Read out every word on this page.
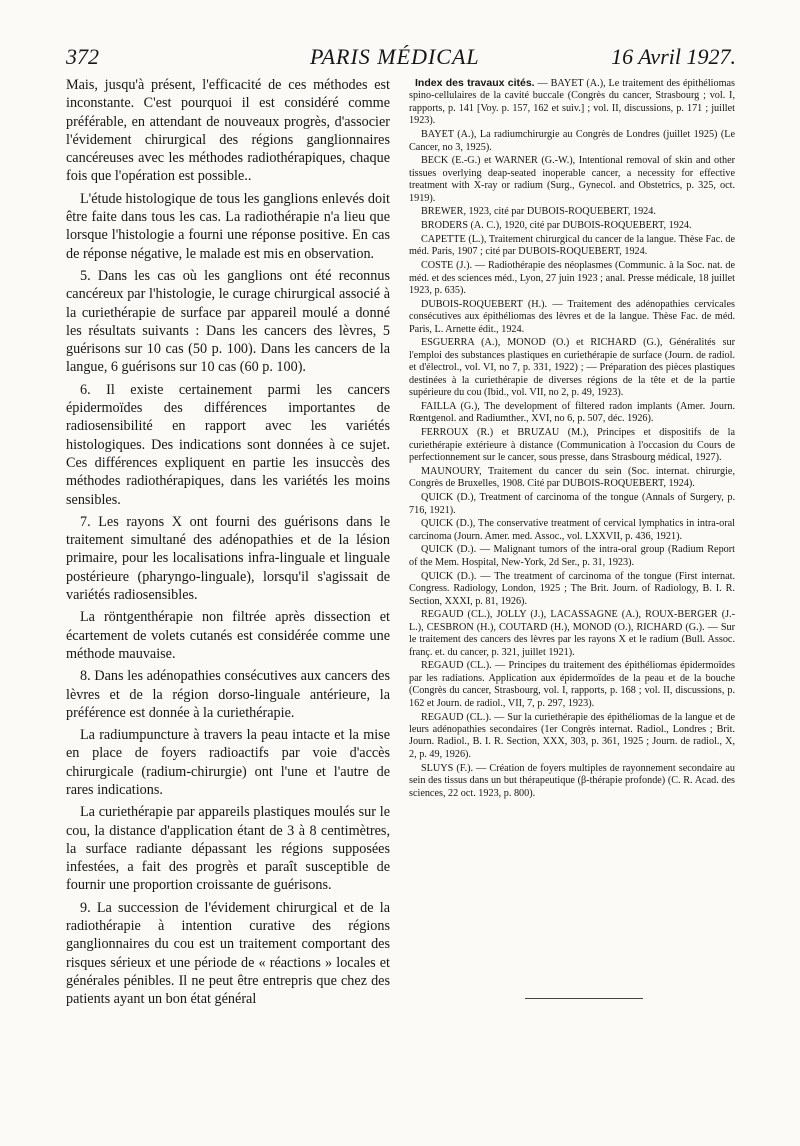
372	PARIS MÉDICAL	16 Avril 1927.

Mais, jusqu'à présent, l'efficacité de ces méthodes est inconstante. C'est pourquoi il est considéré comme préférable, en attendant de nouveaux progrès, d'associer l'évidement chirurgical des régions ganglionnaires cancéreuses avec les méthodes radiothérapiques, chaque fois que l'opération est possible..

L'étude histologique de tous les ganglions enlevés doit être faite dans tous les cas. La radiothérapie n'a lieu que lorsque l'histologie a fourni une réponse positive. En cas de réponse négative, le malade est mis en observation.

5. Dans les cas où les ganglions ont été reconnus cancéreux par l'histologie, le curage chirurgical associé à la curiethérapie de surface par appareil moulé a donné les résultats suivants : Dans les cancers des lèvres, 5 guérisons sur 10 cas (50 p. 100). Dans les cancers de la langue, 6 guérisons sur 10 cas (60 p. 100).

6. Il existe certainement parmi les cancers épidermoïdes des différences importantes de radiosensibilité en rapport avec les variétés histologiques. Des indications sont données à ce sujet. Ces différences expliquent en partie les insuccès des méthodes radiothérapiques, dans les variétés les moins sensibles.

7. Les rayons X ont fourni des guérisons dans le traitement simultané des adénopathies et de la lésion primaire, pour les localisations infra-linguale et linguale postérieure (pharyngo-linguale), lorsqu'il s'agissait de variétés radiosensibles.

La röntgenthérapie non filtrée après dissection et écartement de volets cutanés est considérée comme une méthode mauvaise.

8. Dans les adénopathies consécutives aux cancers des lèvres et de la région dorso-linguale antérieure, la préférence est donnée à la curiethérapie.

La radiumpuncture à travers la peau intacte et la mise en place de foyers radioactifs par voie d'accès chirurgicale (radium-chirurgie) ont l'une et l'autre de rares indications.

La curiethérapie par appareils plastiques moulés sur le cou, la distance d'application étant de 3 à 8 centimètres, la surface radiante dépassant les régions supposées infestées, a fait des progrès et paraît susceptible de fournir une proportion croissante de guérisons.

9. La succession de l'évidement chirurgical et de la radiothérapie à intention curative des régions ganglionnaires du cou est un traitement comportant des risques sérieux et une période de « réactions » locales et générales pénibles. Il ne peut être entrepris que chez des patients ayant un bon état général

Index des travaux cités. — BAYET (A.), Le traitement des épithéliomas spino-cellulaires de la cavité buccale (Congrès du cancer, Strasbourg ; vol. I, rapports, p. 141 [Voy. p. 157, 162 et suiv.] ; vol. II, discussions, p. 171 ; juillet 1923).
BAYET (A.), La radiumchirurgie au Congrès de Londres (juillet 1925) (Le Cancer, no 3, 1925).
BECK (E.-G.) et WARNER (G.-W.), Intentional removal of skin and other tissues overlying deap-seated inoperable cancer, a necessity for effective treatment with X-ray or radium (Surg., Gynecol. and Obstetrics, p. 325, oct. 1919).
BREWER, 1923, cité par DUBOIS-ROQUEBERT, 1924.
BRODERS (A. C.), 1920, cité par DUBOIS-ROQUEBERT, 1924.
CAPETTE (L.), Traitement chirurgical du cancer de la langue. Thèse Fac. de méd. Paris, 1907 ; cité par DUBOIS-ROQUEBERT, 1924.
COSTE (J.). — Radiothérapie des néoplasmes (Communic. à la Soc. nat. de méd. et des sciences méd., Lyon, 27 juin 1923 ; anal. Presse médicale, 18 juillet 1923, p. 635).
DUBOIS-ROQUEBERT (H.). — Traitement des adénopathies cervicales consécutives aux épithéliomas des lèvres et de la langue. Thèse Fac. de méd. Paris, L. Arnette édit., 1924.
ESGUERRA (A.), MONOD (O.) et RICHARD (G.), Généralités sur l'emploi des substances plastiques en curiethérapie de surface (Journ. de radiol. et d'électrol., vol. VI, no 7, p. 331, 1922) ; — Préparation des pièces plastiques destinées à la curiethérapie de diverses régions de la tête et de la partie supérieure du cou (Ibid., vol. VII, no 2, p. 49, 1923).
FAILLA (G.), The development of filtered radon implants (Amer. Journ. Rœntgenol. and Radiumther., XVI, no 6, p. 507, déc. 1926).
FERROUX (R.) et BRUZAU (M.), Principes et dispositifs de la curiethérapie extérieure à distance (Communication à l'occasion du Cours de perfectionnement sur le cancer, sous presse, dans Strasbourg médical, 1927).
MAUNOURY, Traitement du cancer du sein (Soc. internat. chirurgie, Congrès de Bruxelles, 1908. Cité par DUBOIS-ROQUEBERT, 1924).
QUICK (D.), Treatment of carcinoma of the tongue (Annals of Surgery, p. 716, 1921).
QUICK (D.), The conservative treatment of cervical lymphatics in intra-oral carcinoma (Journ. Amer. med. Assoc., vol. LXXVII, p. 436, 1921).
QUICK (D.). — Malignant tumors of the intra-oral group (Radium Report of the Mem. Hospital, New-York, 2d Ser., p. 31, 1923).
QUICK (D.). — The treatment of carcinoma of the tongue (First internat. Congress. Radiology, London, 1925 ; The Brit. Journ. of Radiology, B. I. R. Section, XXXI, p. 81, 1926).
REGAUD (CL.), JOLLY (J.), LACASSAGNE (A.), ROUX-BERGER (J.-L.), CESBRON (H.), COUTARD (H.), MONOD (O.), RICHARD (G.). — Sur le traitement des cancers des lèvres par les rayons X et le radium (Bull. Assoc. franç. et. du cancer, p. 321, juillet 1921).
REGAUD (CL.). — Principes du traitement des épithéliomas épidermoïdes par les radiations. Application aux épidermoïdes de la peau et de la bouche (Congrès du cancer, Strasbourg, vol. I, rapports, p. 168 ; vol. II, discussions, p. 162 et Journ. de radiol., VII, 7, p. 297, 1923).
REGAUD (CL.). — Sur la curiethérapie des épithéliomas de la langue et de leurs adénopathies secondaires (1er Congrès internat. Radiol., Londres ; Brit. Journ. Radiol., B. I. R. Section, XXX, 303, p. 361, 1925 ; Journ. de radiol., X, 2, p. 49, 1926).
SLUYS (F.). — Création de foyers multiples de rayonnement secondaire au sein des tissus dans un but thérapeutique (β-thérapie profonde) (C. R. Acad. des sciences, 22 oct. 1923, p. 800).
